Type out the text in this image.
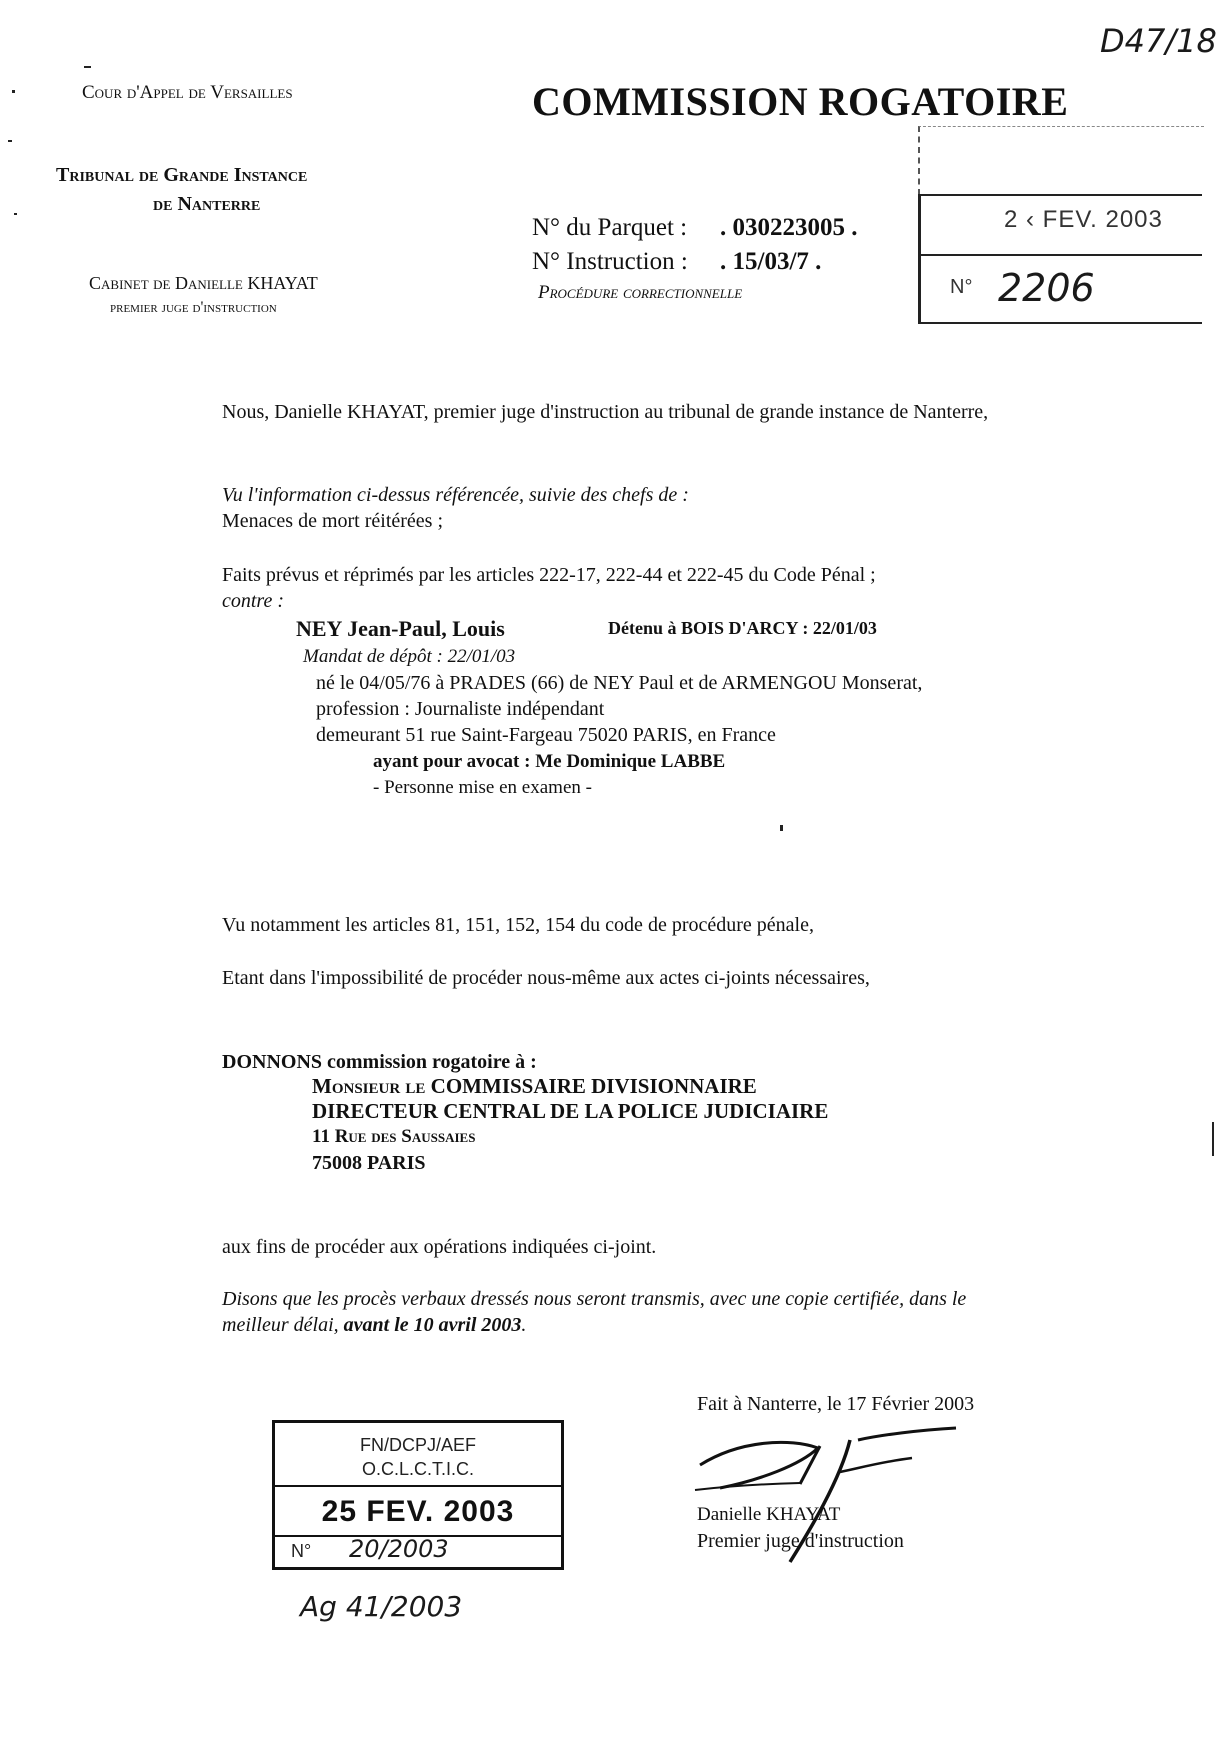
Cour d'Appel de Versailles
Tribunal de Grande Instance
de Nanterre
Cabinet de Danielle KHAYAT
premier juge d'instruction
COMMISSION ROGATOIRE
D47/18
N° du Parquet : . 030223005 .
N° Instruction : . 15/03/7 .
Procédure correctionnelle
2 ‹ FEV. 2003
N° 2206
Nous, Danielle KHAYAT, premier juge d'instruction au tribunal de grande instance de Nanterre,
Vu l'information ci-dessus référencée, suivie des chefs de :
Menaces de mort réitérées ;
Faits prévus et réprimés par les articles 222-17, 222-44 et 222-45 du Code Pénal ;
contre :
NEY Jean-Paul, Louis	Détenu à BOIS D'ARCY : 22/01/03
Mandat de dépôt : 22/01/03
né le 04/05/76 à PRADES (66) de NEY Paul et de ARMENGOU Monserat,
profession : Journaliste indépendant
demeurant 51 rue Saint-Fargeau 75020 PARIS, en France
ayant pour avocat : Me Dominique LABBE
- Personne mise en examen -
Vu notamment les articles 81, 151, 152, 154 du code de procédure pénale,
Etant dans l'impossibilité de procéder nous-même aux actes ci-joints nécessaires,
DONNONS commission rogatoire à :
Monsieur le COMMISSAIRE DIVISIONNAIRE
DIRECTEUR CENTRAL DE LA POLICE JUDICIAIRE
11 Rue des Saussaies
75008 PARIS
aux fins de procéder aux opérations indiquées ci-joint.
Disons que les procès verbaux dressés nous seront transmis, avec une copie certifiée, dans le
meilleur délai, avant le 10 avril 2003.
Fait à Nanterre, le 17 Février 2003
Danielle KHAYAT
Premier juge d'instruction
FN/DCPJ/AEF
O.C.L.C.T.I.C.
25 FEV. 2003
N° 20/2003
Ag 41/2003
